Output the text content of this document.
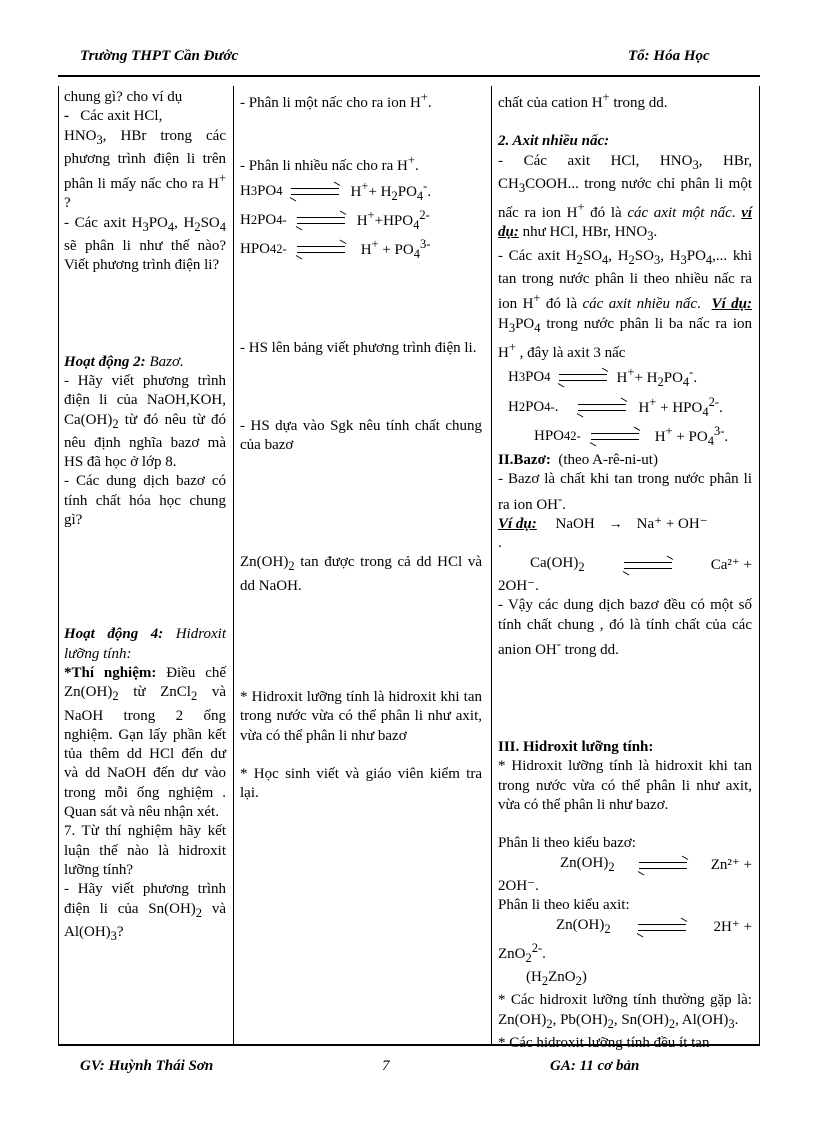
Trường THPT Cần Đước	Tổ: Hóa Học

chung gì? cho ví dụ

- Các axit HCl,

$HNO_3$, HBr trong các phương trình điện li trên phân li mấy nấc cho ra H+ ?

- Các axit $H_3PO_4$, $H_2SO_4$ sẽ phân li như thế nào? Viết phương trình điện li?

Hoạt động 2: Bazơ.

- Hãy viết phương trình điện li của NaOH,KOH, $Ca(OH)_2$ từ đó nêu từ đó nêu định nghĩa bazơ mà HS đã học ở lớp 8.

- Các dung dịch bazơ có tính chất hóa học chung gì?

Hoạt động 4: Hidroxit lưỡng tính:

*Thí nghiệm: Điều chế $Zn(OH)_2$ từ ZnCl$_2$ và NaOH trong 2 ống nghiệm. Gạn lấy phần kết tủa thêm dd HCl đến dư và dd NaOH đến dư vào trong mỗi ống nghiệm . Quan sát và nêu nhận xét.

7. Từ thí nghiệm hãy kết luận thế nào là hidroxit lưỡng tính?

- Hãy viết phương trình điện li của $Sn(OH)_2$ và $Al(OH)_3$?

- Phân li một nấc cho ra ion H+.

- Phân li nhiều nấc cho ra H+.

H 3 PO 4	$H^++ H_2PO_4^-$.
H 2 PO 4 -	$H^++HPO_4^{2-}$
HPO 4 2-	$H^+ + PO_4^{3-}$

- HS lên bảng viết phương trình điện li.

- HS dựa vào Sgk nêu tính chất chung của bazơ

$Zn(OH)_2$ tan được trong cả dd HCl và dd NaOH.

* Hidroxit lưỡng tính là hidroxit khi tan trong nước vừa có thể phân li như axit, vừa có thể phân li như bazơ

* Học sinh viết và giáo viên kiểm tra lại.

chất của cation H+ trong dd.

2. Axit nhiều nấc:

- Các axit HCl, $HNO_3$, HBr, $CH_3COOH$... trong nước chỉ phân li một nấc ra ion H+ đó là các axit một nấc. ví dụ: như HCl, HBr, $HNO_3$.

- Các axit $H_2SO_4$, $H_2SO_3$, $H_3PO_4$,... khi tan trong nước phân li theo nhiều nấc ra ion H+ đó là các axit nhiều nấc.  Ví dụ: $H_3PO_4$ trong nước phân li ba nấc ra ion H+ , đây là axit 3 nấc

H 3 PO 4	$H^++ H_2PO_4^-$.
H 2 PO 4 - .	$H^+ + HPO_4^{2-}$.
HPO 4 2-	$H^+ + PO_4^{3-}$.

II.Bazơ: (theo A-rê-ni-ut)

- Bazơ là chất khi tan trong nước phân li ra ion OH-.

Ví dụ:
NaOH → Na⁺ + OH⁻

.

$Ca(OH)_2$	Ca²⁺ +

2OH⁻.

- Vậy các dung dịch bazơ đều có một số tính chất chung , đó là tính chất của các anion OH- trong dd.

III. Hidroxit lưỡng tính:

* Hidroxit lưỡng tính là hidroxit khi tan trong nước vừa có thể phân li như axit, vừa có thể phân li như bazơ.

Phân li theo kiểu bazơ:

$Zn(OH)_2$	Zn²⁺ +

2OH⁻.

Phân li theo kiểu axit:

$Zn(OH)_2$	2H⁺ +

ZnO$_2^{2-}$.

$(H_2ZnO_2)$

* Các hidroxit lưỡng tính thường gặp là: $Zn(OH)_2$, $Pb(OH)_2$, $Sn(OH)_2$, $Al(OH)_3$.

* Các hidroxit lưỡng tính đều ít tan

GV: Huỳnh Thái Sơn	7	GA: 11 cơ bản
